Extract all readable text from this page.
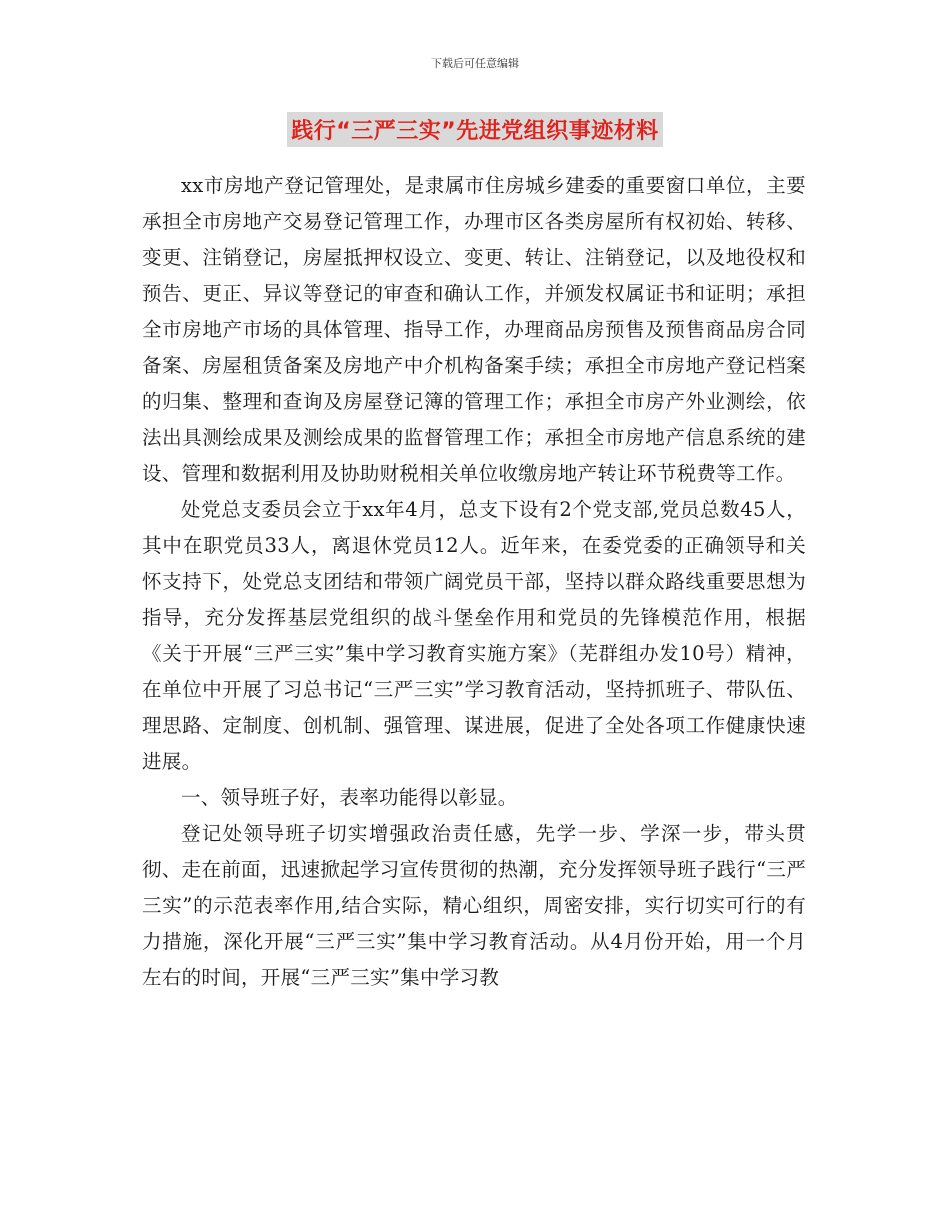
下载后可任意编辑
践行“三严三实”先进党组织事迹材料

xx市房地产登记管理处，是隶属市住房城乡建委的重要窗口单位，主要承担全市房地产交易登记管理工作，办理市区各类房屋所有权初始、转移、变更、注销登记，房屋抵押权设立、变更、转让、注销登记，以及地役权和预告、更正、异议等登记的审查和确认工作，并颁发权属证书和证明；承担全市房地产市场的具体管理、指导工作，办理商品房预售及预售商品房合同备案、房屋租赁备案及房地产中介机构备案手续；承担全市房地产登记档案的归集、整理和查询及房屋登记簿的管理工作；承担全市房产外业测绘，依法出具测绘成果及测绘成果的监督管理工作；承担全市房地产信息系统的建设、管理和数据利用及协助财税相关单位收缴房地产转让环节税费等工作。

处党总支委员会立于xx年4月，总支下设有2个党支部,党员总数45人，其中在职党员33人，离退休党员12人。近年来，在委党委的正确领导和关怀支持下，处党总支团结和带领广阔党员干部，坚持以群众路线重要思想为指导，充分发挥基层党组织的战斗堡垒作用和党员的先锋模范作用，根据《关于开展“三严三实”集中学习教育实施方案》（芜群组办发10号）精神，在单位中开展了习总书记“三严三实”学习教育活动，坚持抓班子、带队伍、理思路、定制度、创机制、强管理、谋进展，促进了全处各项工作健康快速进展。

一、领导班子好，表率功能得以彰显。

登记处领导班子切实增强政治责任感，先学一步、学深一步，带头贯彻、走在前面，迅速掀起学习宣传贯彻的热潮，充分发挥领导班子践行“三严三实”的示范表率作用,结合实际，精心组织，周密安排，实行切实可行的有力措施，深化开展“三严三实”集中学习教育活动。从4月份开始，用一个月左右的时间，开展“三严三实”集中学习教
